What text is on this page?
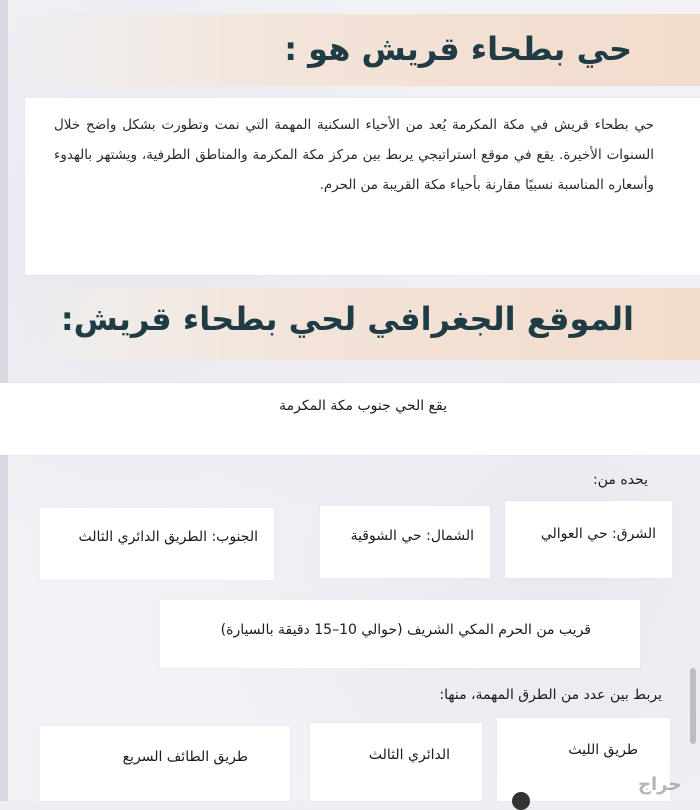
حي بطحاء قريش هو :
حي بطحاء قريش في مكة المكرمة يُعد من الأحياء السكنية المهمة التي نمت وتطورت بشكل واضح خلال السنوات الأخيرة. يقع في موقع استراتيجي يربط بين مركز مكة المكرمة والمناطق الطرفية، ويشتهر بالهدوء وأسعاره المناسبة نسبيًا مقارنة بأحياء مكة القريبة من الحرم.
الموقع الجغرافي لحي بطحاء قريش:
يقع الحي جنوب مكة المكرمة
يحده من:
الشرق: حي العوالي
الشمال: حي الشوقية
الجنوب: الطريق الدائري الثالث
قريب من الحرم المكي الشريف (حوالي 10–15 دقيقة بالسيارة)
يربط بين عدد من الطرق المهمة، منها:
طريق الليث
الدائري الثالث
طريق الطائف السريع
حراج
